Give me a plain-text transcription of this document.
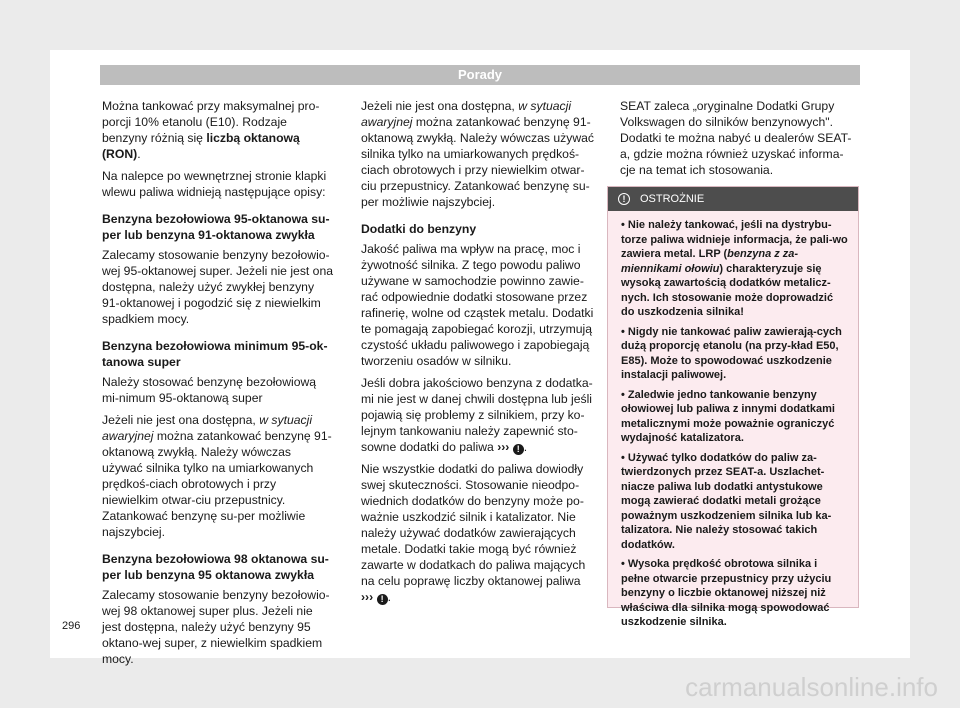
Porady

Można tankować przy maksymalnej pro-porcji 10% etanolu (E10). Rodzaje benzyny różnią się liczbą oktanową (RON).

Na nalepce po wewnętrznej stronie klapki wlewu paliwa widnieją następujące opisy:

Benzyna bezołowiowa 95-oktanowa su-per lub benzyna 91-oktanowa zwykła

Zalecamy stosowanie benzyny bezołowio-wej 95-oktanowej super. Jeżeli nie jest ona dostępna, należy użyć zwykłej benzyny 91-oktanowej i pogodzić się z niewielkim spadkiem mocy.

Benzyna bezołowiowa minimum 95-ok-tanowa super

Należy stosować benzynę bezołowiową mi-nimum 95-oktanową super

Jeżeli nie jest ona dostępna, w sytuacji awaryjnej można zatankować benzynę 91-oktanową zwykłą. Należy wówczas używać silnika tylko na umiarkowanych prędkoś-ciach obrotowych i przy niewielkim otwar-ciu przepustnicy. Zatankować benzynę su-per możliwie najszybciej.

Benzyna bezołowiowa 98 oktanowa su-per lub benzyna 95 oktanowa zwykła

Zalecamy stosowanie benzyny bezołowio-wej 98 oktanowej super plus. Jeżeli nie jest dostępna, należy użyć benzyny 95 oktano-wej super, z niewielkim spadkiem mocy.

Jeżeli nie jest ona dostępna, w sytuacji awaryjnej można zatankować benzynę 91-oktanową zwykłą. Należy wówczas używać silnika tylko na umiarkowanych prędkoś-ciach obrotowych i przy niewielkim otwar-ciu przepustnicy. Zatankować benzynę su-per możliwie najszybciej.

Dodatki do benzyny

Jakość paliwa ma wpływ na pracę, moc i żywotność silnika. Z tego powodu paliwo używane w samochodzie powinno zawie-rać odpowiednie dodatki stosowane przez rafinerię, wolne od cząstek metalu. Dodatki te pomagają zapobiegać korozji, utrzymują czystość układu paliwowego i zapobiegają tworzeniu osadów w silniku.

Jeśli dobra jakościowo benzyna z dodatka-mi nie jest w danej chwili dostępna lub jeśli pojawią się problemy z silnikiem, przy ko-lejnym tankowaniu należy zapewnić sto-sowne dodatki do paliwa ››› ! .

Nie wszystkie dodatki do paliwa dowiodły swej skuteczności. Stosowanie nieodpo-wiednich dodatków do benzyny może po-ważnie uszkodzić silnik i katalizator. Nie należy używać dodatków zawierających metale. Dodatki takie mogą być również zawarte w dodatkach do paliwa mających na celu poprawę liczby oktanowej paliwa
››› ! .

SEAT zaleca „oryginalne Dodatki Grupy Volkswagen do silników benzynowych". Dodatki te można nabyć u dealerów SEAT-a, gdzie można również uzyskać informa-cje na temat ich stosowania.

!	OSTROŻNIE
• Nie należy tankować, jeśli na dystrybu-torze paliwa widnieje informacja, że pali-wo zawiera metal. LRP (benzyna z za-miennikami ołowiu) charakteryzuje się wysoką zawartością dodatków metalicz-nych. Ich stosowanie może doprowadzić do uszkodzenia silnika!
• Nigdy nie tankować paliw zawierają-cych dużą proporcję etanolu (na przy-kład E50, E85). Może to spowodować uszkodzenie instalacji paliwowej.
• Zaledwie jedno tankowanie benzyny ołowiowej lub paliwa z innymi dodatkami metalicznymi może poważnie ograniczyć wydajność katalizatora.
• Używać tylko dodatków do paliw za-twierdzonych przez SEAT-a. Uszlachet-niacze paliwa lub dodatki antystukowe mogą zawierać dodatki metali grożące poważnym uszkodzeniem silnika lub ka-talizatora. Nie należy stosować takich dodatków.
• Wysoka prędkość obrotowa silnika i pełne otwarcie przepustnicy przy użyciu benzyny o liczbie oktanowej niższej niż właściwa dla silnika mogą spowodować uszkodzenie silnika.
296
carmanualsonline.info
